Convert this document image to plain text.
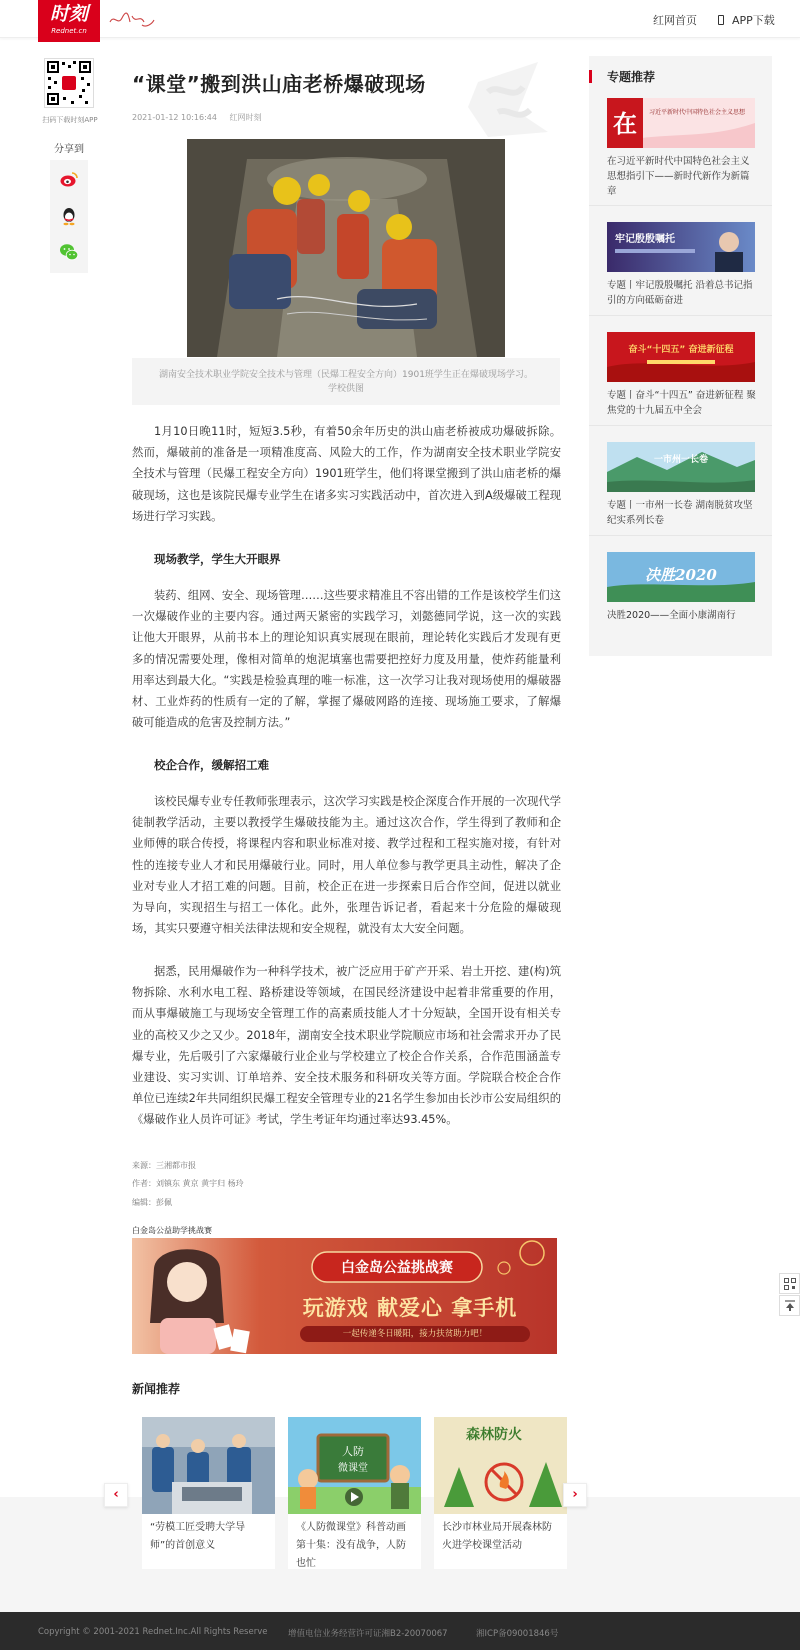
时刻
Rednet.cn
红网首页	APP下载
扫码下载时刻APP
分享到
“课堂”搬到洪山庙老桥爆破现场
2021-01-12 10:16:44 红网时刻
湖南安全技术职业学院安全技术与管理（民爆工程安全方向）1901班学生正在爆破现场学习。
学校供图

1月10日晚11时，短短3.5秒，有着50余年历史的洪山庙老桥被成功爆破拆除。然而，爆破前的准备是一项精准度高、风险大的工作，作为湖南安全技术职业学院安全技术与管理（民爆工程安全方向）1901班学生，他们将课堂搬到了洪山庙老桥的爆破现场，这也是该院民爆专业学生在诸多实习实践活动中，首次进入到A级爆破工程现场进行学习实践。

现场教学，学生大开眼界

装药、组网、安全、现场管理……这些要求精准且不容出错的工作是该校学生们这一次爆破作业的主要内容。通过两天紧密的实践学习，刘懿德同学说，这一次的实践让他大开眼界，从前书本上的理论知识真实展现在眼前，理论转化实践后才发现有更多的情况需要处理，像相对简单的炮泥填塞也需要把控好力度及用量，使炸药能量利用率达到最大化。“实践是检验真理的唯一标准，这一次学习让我对现场使用的爆破器材、工业炸药的性质有一定的了解，掌握了爆破网路的连接、现场施工要求，了解爆破可能造成的危害及控制方法。”

校企合作，缓解招工难

该校民爆专业专任教师张理表示，这次学习实践是校企深度合作开展的一次现代学徒制教学活动，主要以教授学生爆破技能为主。通过这次合作，学生得到了教师和企业师傅的联合传授，将课程内容和职业标准对接、教学过程和工程实施对接，有针对性的连接专业人才和民用爆破行业。同时，用人单位参与教学更具主动性，解决了企业对专业人才招工难的问题。目前，校企正在进一步探索日后合作空间，促进以就业为导向，实现招生与招工一体化。此外，张理告诉记者，看起来十分危险的爆破现场，其实只要遵守相关法律法规和安全规程，就没有太大安全问题。

据悉，民用爆破作为一种科学技术，被广泛应用于矿产开采、岩土开挖、建(构)筑物拆除、水利水电工程、路桥建设等领域，在国民经济建设中起着非常重要的作用，而从事爆破施工与现场安全管理工作的高素质技能人才十分短缺，全国开设有相关专业的高校又少之又少。2018年，湖南安全技术职业学院顺应市场和社会需求开办了民爆专业，先后吸引了六家爆破行业企业与学校建立了校企合作关系，合作范围涵盖专业建设、实习实训、订单培养、安全技术服务和科研攻关等方面。学院联合校企合作单位已连续2年共同组织民爆工程安全管理专业的21名学生参加由长沙市公安局组织的《爆破作业人员许可证》考试，学生考证年均通过率达93.45%。

来源：三湘都市报
作者：刘镇东 黄京 黄宇归 杨玲
编辑：彭佩
白金岛公益助学挑战赛
白金岛公益挑战赛
玩游戏 献爱心 拿手机
一起传递冬日暖阳，接力扶贫助力吧！
新闻推荐
“劳模工匠受聘大学导师”的首创意义
人防
微课堂
《人防微课堂》科普动画第十集：没有战争，人防也忙
森林防火
长沙市林业局开展森林防火进学校课堂活动
‹	›
专题推荐
在 习近平新时代中国特色社会主义思想
在习近平新时代中国特色社会主义思想指引下——新时代新作为新篇章
牢记殷殷嘱托
专题丨牢记殷殷嘱托 沿着总书记指引的方向砥砺奋进
奋斗“十四五” 奋进新征程
专题丨奋斗“十四五” 奋进新征程 聚焦党的十九届五中全会
一市州一长卷
专题丨一市州一长卷 湖南脱贫攻坚纪实系列长卷
决胜2020
决胜2020——全面小康湖南行
Copyright © 2001-2021 Rednet.Inc.All Rights Reserve 增值电信业务经营许可证湘B2-20070067	湘ICP备09001846号
